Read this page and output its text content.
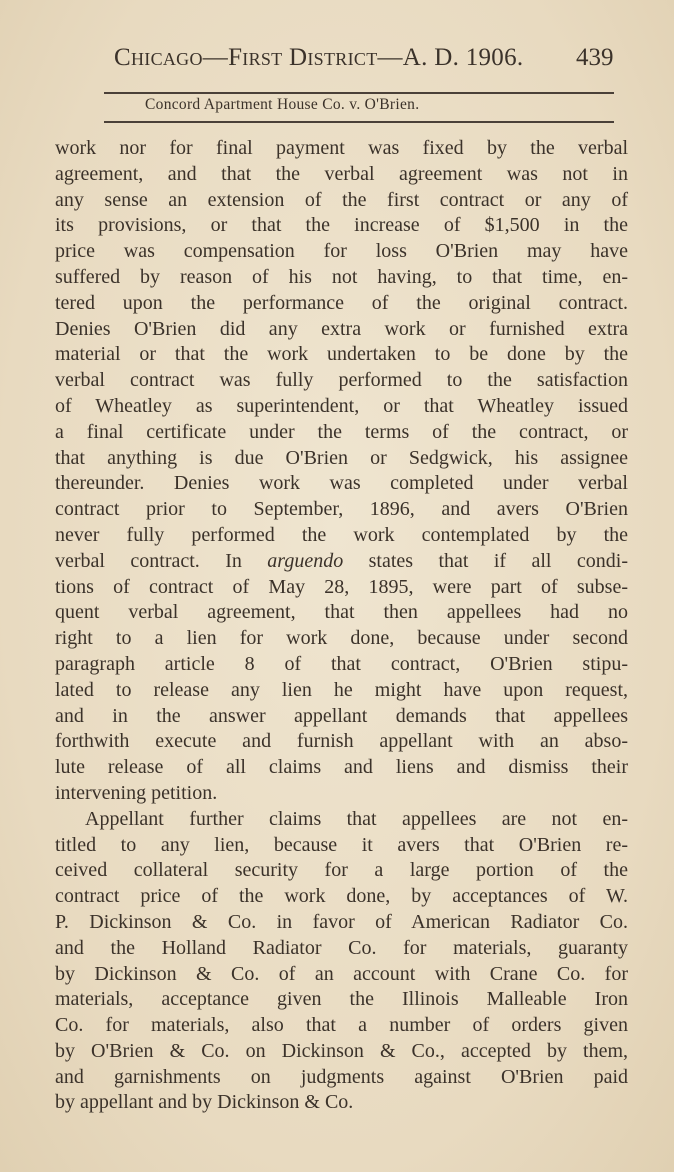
Chicago—First District—A. D. 1906. 439
Concord Apartment House Co. v. O'Brien.
work nor for final payment was fixed by the verbal
agreement, and that the verbal agreement was not in
any sense an extension of the first contract or any of
its provisions, or that the increase of $1,500 in the
price was compensation for loss O'Brien may have
suffered by reason of his not having, to that time, en-
tered upon the performance of the original contract.
Denies O'Brien did any extra work or furnished extra
material or that the work undertaken to be done by the
verbal contract was fully performed to the satisfaction
of Wheatley as superintendent, or that Wheatley issued
a final certificate under the terms of the contract, or
that anything is due O'Brien or Sedgwick, his assignee
thereunder. Denies work was completed under verbal
contract prior to September, 1896, and avers O'Brien
never fully performed the work contemplated by the
verbal contract. In arguendo states that if all condi-
tions of contract of May 28, 1895, were part of subse-
quent verbal agreement, that then appellees had no
right to a lien for work done, because under second
paragraph article 8 of that contract, O'Brien stipu-
lated to release any lien he might have upon request,
and in the answer appellant demands that appellees
forthwith execute and furnish appellant with an abso-
lute release of all claims and liens and dismiss their
intervening petition.
Appellant further claims that appellees are not en-
titled to any lien, because it avers that O'Brien re-
ceived collateral security for a large portion of the
contract price of the work done, by acceptances of W.
P. Dickinson & Co. in favor of American Radiator Co.
and the Holland Radiator Co. for materials, guaranty
by Dickinson & Co. of an account with Crane Co. for
materials, acceptance given the Illinois Malleable Iron
Co. for materials, also that a number of orders given
by O'Brien & Co. on Dickinson & Co., accepted by them,
and garnishments on judgments against O'Brien paid
by appellant and by Dickinson & Co.
